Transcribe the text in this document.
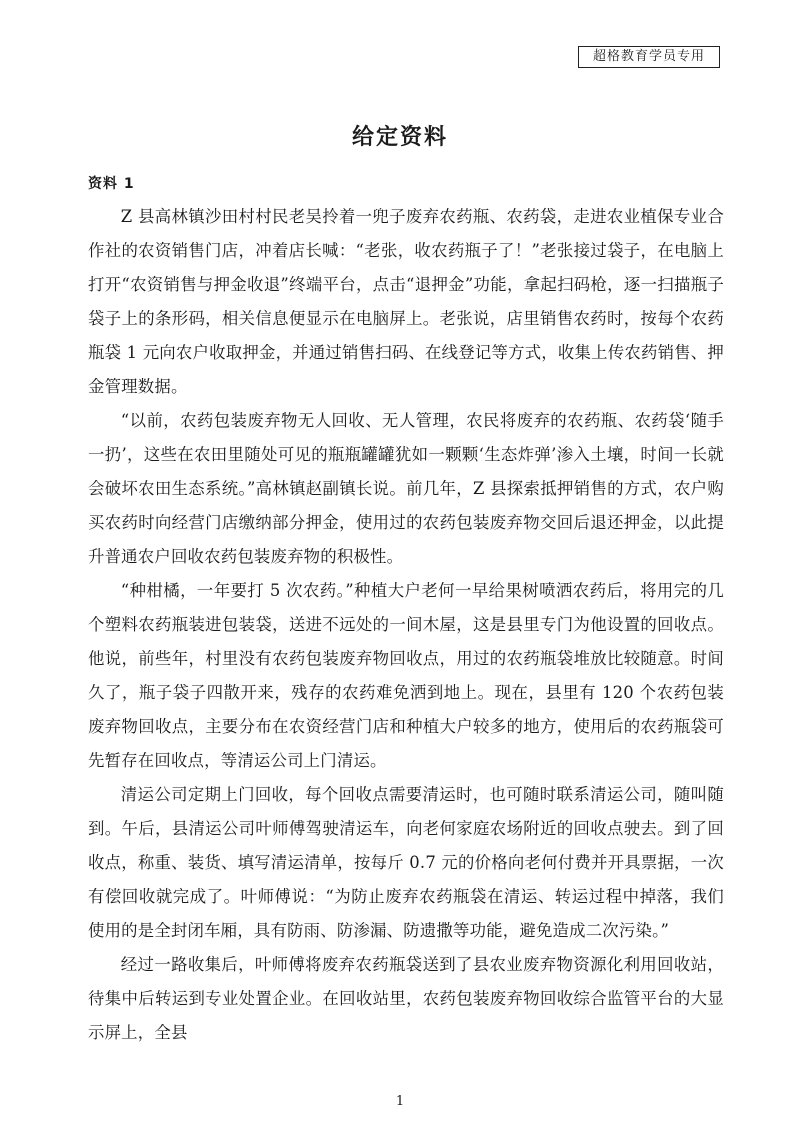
超格教育学员专用
给定资料
资料 1

Z 县高林镇沙田村村民老吴拎着一兜子废弃农药瓶、农药袋，走进农业植保专业合作社的农资销售门店，冲着店长喊：“老张，收农药瓶子了！”老张接过袋子，在电脑上打开“农资销售与押金收退”终端平台，点击“退押金”功能，拿起扫码枪，逐一扫描瓶子袋子上的条形码，相关信息便显示在电脑屏上。老张说，店里销售农药时，按每个农药瓶袋 1 元向农户收取押金，并通过销售扫码、在线登记等方式，收集上传农药销售、押金管理数据。

“以前，农药包装废弃物无人回收、无人管理，农民将废弃的农药瓶、农药袋‘随手一扔’，这些在农田里随处可见的瓶瓶罐罐犹如一颗颗‘生态炸弹’渗入土壤，时间一长就会破坏农田生态系统。”高林镇赵副镇长说。前几年，Z 县探索抵押销售的方式，农户购买农药时向经营门店缴纳部分押金，使用过的农药包装废弃物交回后退还押金，以此提升普通农户回收农药包装废弃物的积极性。

“种柑橘，一年要打 5 次农药。”种植大户老何一早给果树喷洒农药后，将用完的几个塑料农药瓶装进包装袋，送进不远处的一间木屋，这是县里专门为他设置的回收点。他说，前些年，村里没有农药包装废弃物回收点，用过的农药瓶袋堆放比较随意。时间久了，瓶子袋子四散开来，残存的农药难免洒到地上。现在，县里有 120 个农药包装废弃物回收点，主要分布在农资经营门店和种植大户较多的地方，使用后的农药瓶袋可先暂存在回收点，等清运公司上门清运。

清运公司定期上门回收，每个回收点需要清运时，也可随时联系清运公司，随叫随到。午后，县清运公司叶师傅驾驶清运车，向老何家庭农场附近的回收点驶去。到了回收点，称重、装货、填写清运清单，按每斤 0.7 元的价格向老何付费并开具票据，一次有偿回收就完成了。叶师傅说：“为防止废弃农药瓶袋在清运、转运过程中掉落，我们使用的是全封闭车厢，具有防雨、防渗漏、防遗撒等功能，避免造成二次污染。”

经过一路收集后，叶师傅将废弃农药瓶袋送到了县农业废弃物资源化利用回收站，待集中后转运到专业处置企业。在回收站里，农药包装废弃物回收综合监管平台的大显示屏上，全县

1
